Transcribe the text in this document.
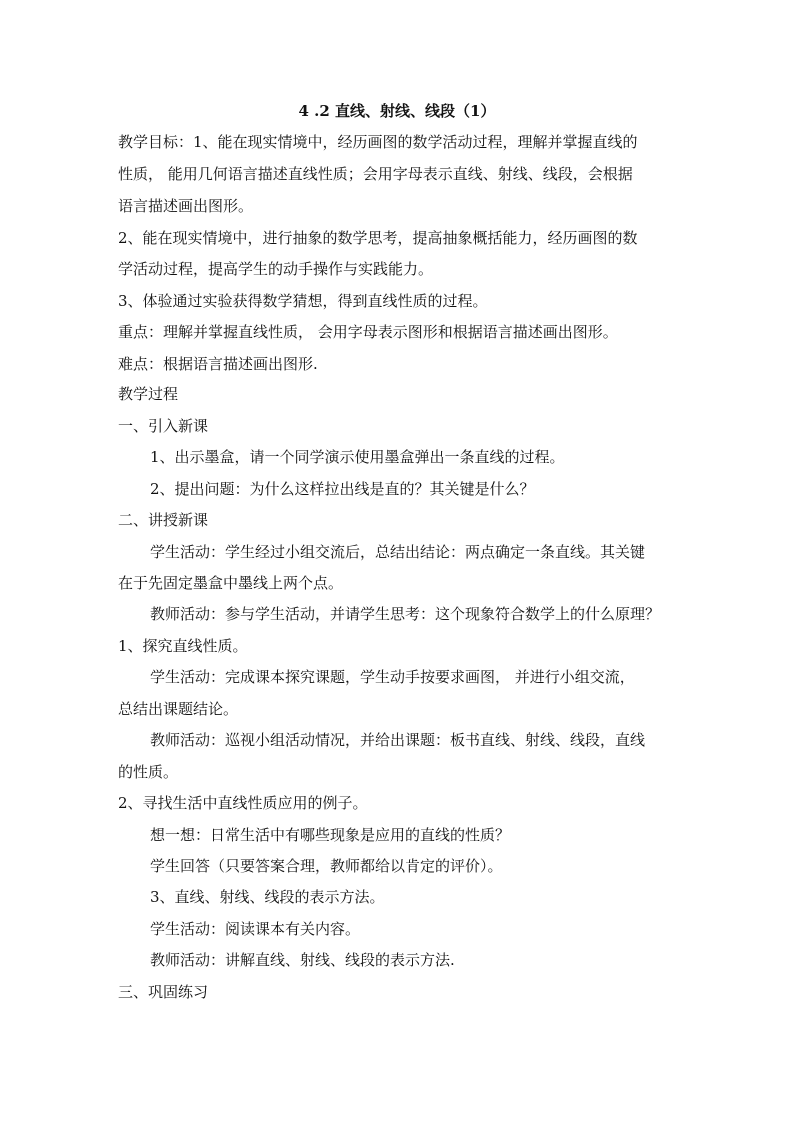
4 .2 直线、射线、线段（1）
教学目标：1、能在现实情境中，经历画图的数学活动过程，理解并掌握直线的
性质， 能用几何语言描述直线性质；会用字母表示直线、射线、线段，会根据
语言描述画出图形。
2、能在现实情境中，进行抽象的数学思考，提高抽象概括能力，经历画图的数
学活动过程，提高学生的动手操作与实践能力。
3、体验通过实验获得数学猜想，得到直线性质的过程。
重点：理解并掌握直线性质， 会用字母表示图形和根据语言描述画出图形。
难点：根据语言描述画出图形.
教学过程
一、引入新课
1、出示墨盒，请一个同学演示使用墨盒弹出一条直线的过程。
2、提出问题：为什么这样拉出线是直的？其关键是什么？
二、讲授新课
学生活动：学生经过小组交流后，总结出结论：两点确定一条直线。其关键
在于先固定墨盒中墨线上两个点。
教师活动：参与学生活动，并请学生思考：这个现象符合数学上的什么原理？
1、探究直线性质。
学生活动：完成课本探究课题，学生动手按要求画图， 并进行小组交流，
总结出课题结论。
教师活动：巡视小组活动情况，并给出课题：板书直线、射线、线段，直线
的性质。
2、寻找生活中直线性质应用的例子。
想一想：日常生活中有哪些现象是应用的直线的性质？
学生回答（只要答案合理，教师都给以肯定的评价）。
3、直线、射线、线段的表示方法。
学生活动：阅读课本有关内容。
教师活动：讲解直线、射线、线段的表示方法.
三、巩固练习
